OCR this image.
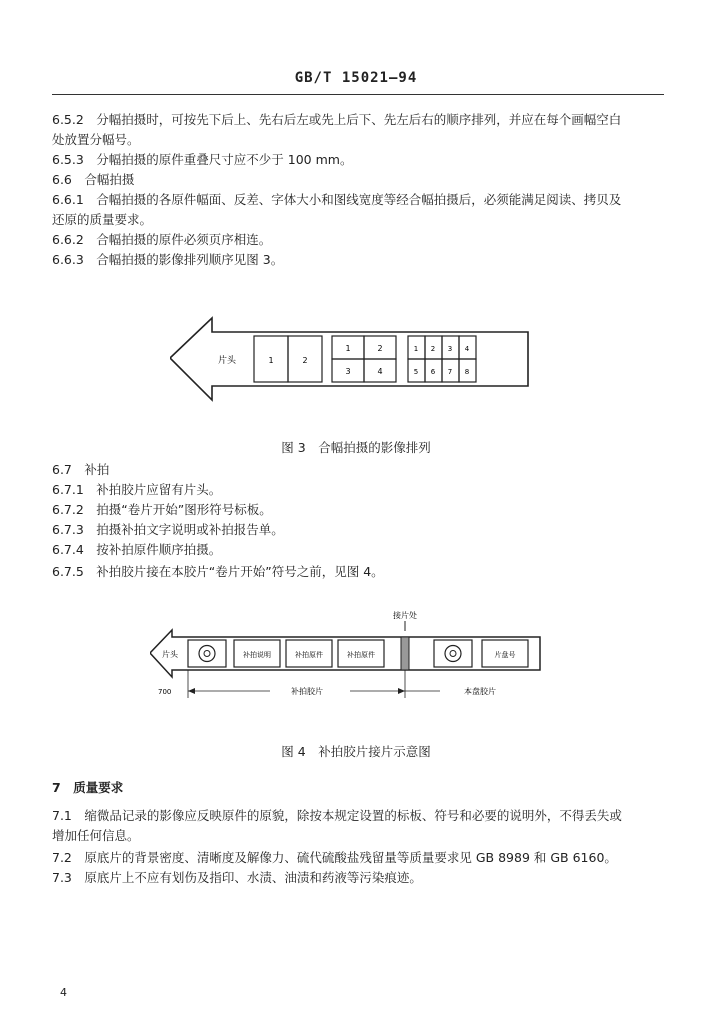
GB/T 15021—94
6.5.2　分幅拍摄时，可按先下后上、先右后左或先上后下、先左后右的顺序排列，并应在每个画幅空白
处放置分幅号。
6.5.3　分幅拍摄的原件重叠尺寸应不少于 100 mm。
6.6　合幅拍摄
6.6.1　合幅拍摄的各原件幅面、反差、字体大小和图线宽度等经合幅拍摄后，必须能满足阅读、拷贝及
还原的质量要求。
6.6.2　合幅拍摄的原件必须页序相连。
6.6.3　合幅拍摄的影像排列顺序见图 3。
片头	1	2
1	2
3	4
1 2 3 4
5 6 7 8
图 3　合幅拍摄的影像排列
6.7　补拍
6.7.1　补拍胶片应留有片头。
6.7.2　拍摄“卷片开始”图形符号标板。
6.7.3　拍摄补拍文字说明或补拍报告单。
6.7.4　按补拍原件顺序拍摄。
6.7.5　补拍胶片接在本胶片“卷片开始”符号之前，见图 4。
接片处
片头	补拍说明	补拍原件	补拍原件	片盘号
700	补拍胶片	本盘胶片
图 4　补拍胶片接片示意图
7　质量要求
7.1　缩微品记录的影像应反映原件的原貌，除按本规定设置的标板、符号和必要的说明外，不得丢失或
增加任何信息。
7.2　原底片的背景密度、清晰度及解像力、硫代硫酸盐残留量等质量要求见 GB 8989 和 GB 6160。
7.3　原底片上不应有划伤及指印、水渍、油渍和药液等污染痕迹。
4
